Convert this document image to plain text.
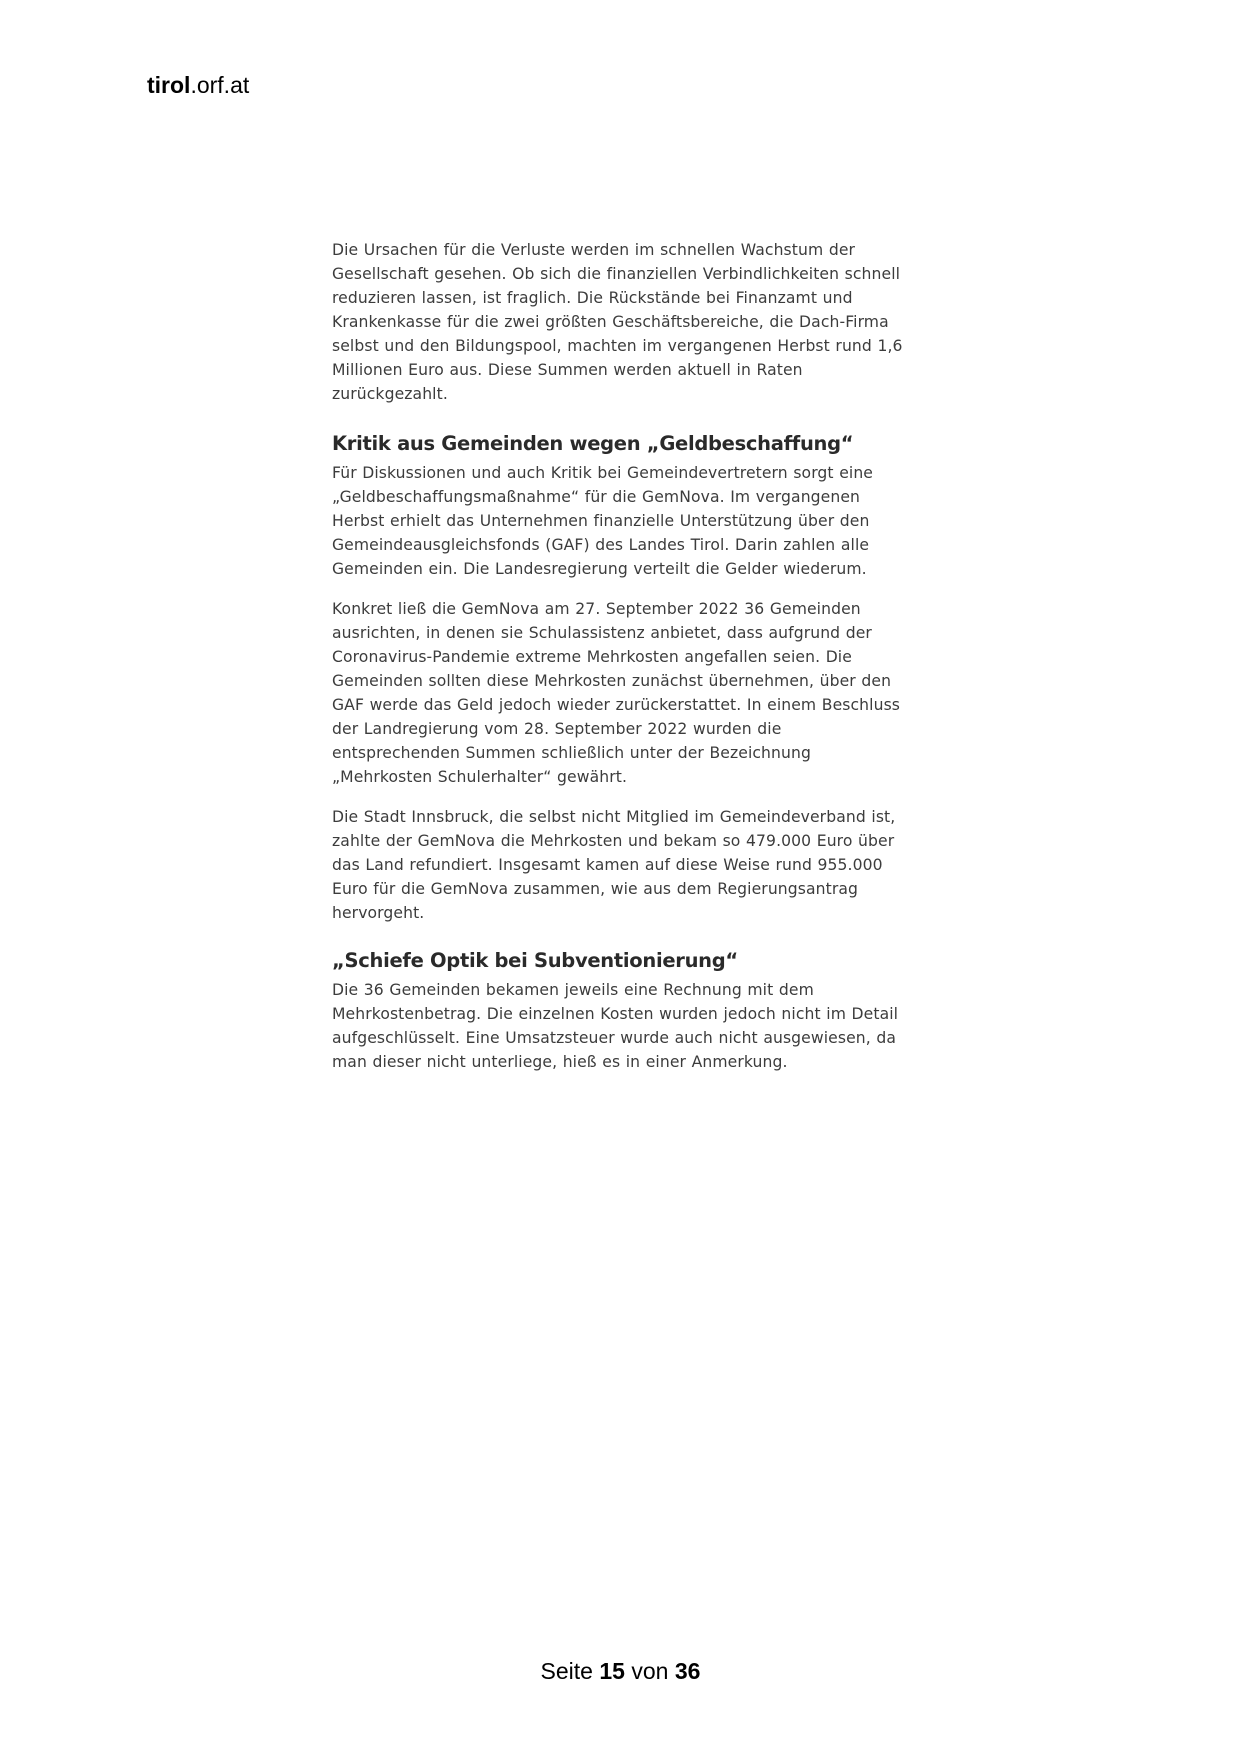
tirol.orf.at

Die Ursachen für die Verluste werden im schnellen Wachstum der Gesellschaft gesehen. Ob sich die finanziellen Verbindlichkeiten schnell reduzieren lassen, ist fraglich. Die Rückstände bei Finanzamt und Krankenkasse für die zwei größten Geschäftsbereiche, die Dach-Firma selbst und den Bildungspool, machten im vergangenen Herbst rund 1,6 Millionen Euro aus. Diese Summen werden aktuell in Raten zurückgezahlt.

Kritik aus Gemeinden wegen „Geldbeschaffung“

Für Diskussionen und auch Kritik bei Gemeindevertretern sorgt eine „Geldbeschaffungsmaßnahme“ für die GemNova. Im vergangenen Herbst erhielt das Unternehmen finanzielle Unterstützung über den Gemeindeausgleichsfonds (GAF) des Landes Tirol. Darin zahlen alle Gemeinden ein. Die Landesregierung verteilt die Gelder wiederum.

Konkret ließ die GemNova am 27. September 2022 36 Gemeinden ausrichten, in denen sie Schulassistenz anbietet, dass aufgrund der Coronavirus-Pandemie extreme Mehrkosten angefallen seien. Die Gemeinden sollten diese Mehrkosten zunächst übernehmen, über den GAF werde das Geld jedoch wieder zurückerstattet. In einem Beschluss der Landregierung vom 28. September 2022 wurden die entsprechenden Summen schließlich unter der Bezeichnung „Mehrkosten Schulerhalter“ gewährt.

Die Stadt Innsbruck, die selbst nicht Mitglied im Gemeindeverband ist, zahlte der GemNova die Mehrkosten und bekam so 479.000 Euro über das Land refundiert. Insgesamt kamen auf diese Weise rund 955.000 Euro für die GemNova zusammen, wie aus dem Regierungsantrag hervorgeht.

„Schiefe Optik bei Subventionierung“

Die 36 Gemeinden bekamen jeweils eine Rechnung mit dem Mehrkostenbetrag. Die einzelnen Kosten wurden jedoch nicht im Detail aufgeschlüsselt. Eine Umsatzsteuer wurde auch nicht ausgewiesen, da man dieser nicht unterliege, hieß es in einer Anmerkung.

Seite 15 von 36
